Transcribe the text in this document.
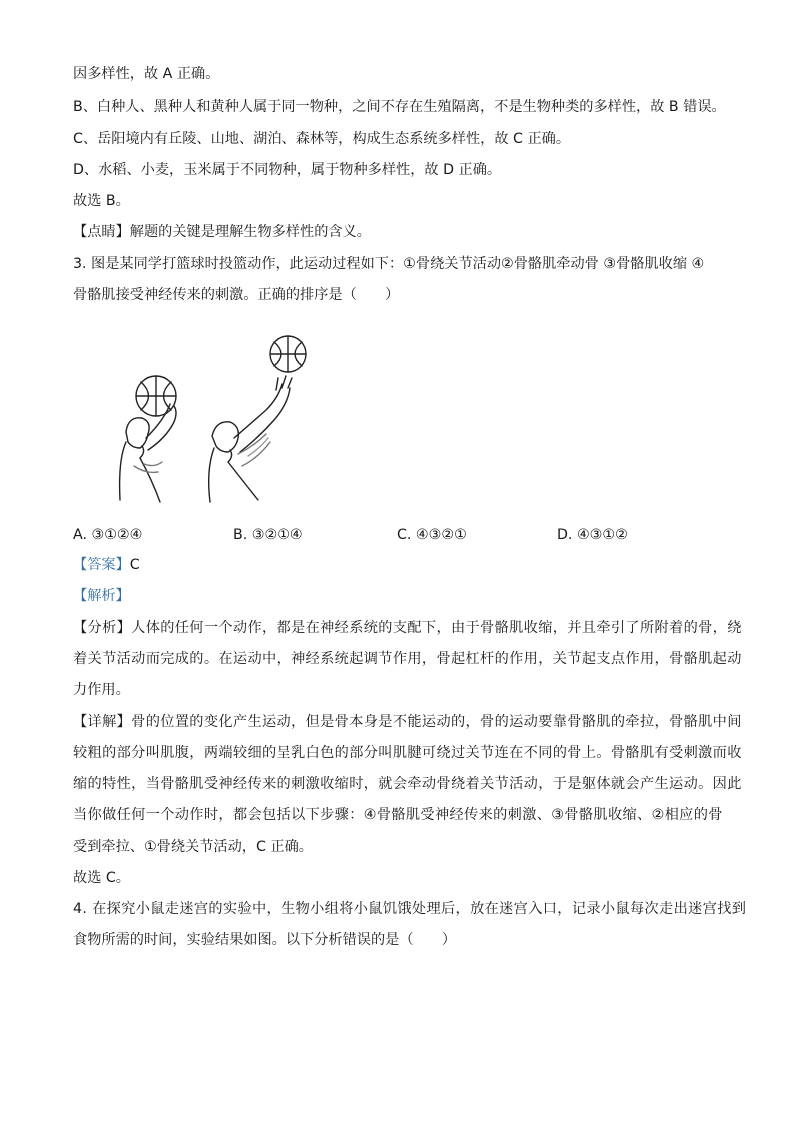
因多样性，故 A 正确。
B、白种人、黑种人和黄种人属于同一物种，之间不存在生殖隔离，不是生物种类的多样性，故 B 错误。
C、岳阳境内有丘陵、山地、湖泊、森林等，构成生态系统多样性，故 C 正确。
D、水稻、小麦，玉米属于不同物种，属于物种多样性，故 D 正确。
故选 B。
【点睛】解题的关键是理解生物多样性的含义。
3. 图是某同学打篮球时投篮动作，此运动过程如下：①骨绕关节活动②骨骼肌牵动骨 ③骨骼肌收缩 ④
骨骼肌接受神经传来的刺激。正确的排序是（　　）
A. ③①②④	B. ③②①④	C. ④③②①	D. ④③①②
【答案】C
【解析】
【分析】人体的任何一个动作，都是在神经系统的支配下，由于骨骼肌收缩，并且牵引了所附着的骨，绕
着关节活动而完成的。在运动中，神经系统起调节作用，骨起杠杆的作用，关节起支点作用，骨骼肌起动
力作用。
【详解】骨的位置的变化产生运动，但是骨本身是不能运动的，骨的运动要靠骨骼肌的牵拉，骨骼肌中间
较粗的部分叫肌腹，两端较细的呈乳白色的部分叫肌腱可绕过关节连在不同的骨上。骨骼肌有受刺激而收
缩的特性，当骨骼肌受神经传来的刺激收缩时，就会牵动骨绕着关节活动，于是躯体就会产生运动。因此
当你做任何一个动作时，都会包括以下步骤：④骨骼肌受神经传来的刺激、③骨骼肌收缩、②相应的骨
受到牵拉、①骨绕关节活动，C 正确。
故选 C。
4. 在探究小鼠走迷宫的实验中，生物小组将小鼠饥饿处理后，放在迷宫入口，记录小鼠每次走出迷宫找到
食物所需的时间，实验结果如图。以下分析错误的是（　　）
